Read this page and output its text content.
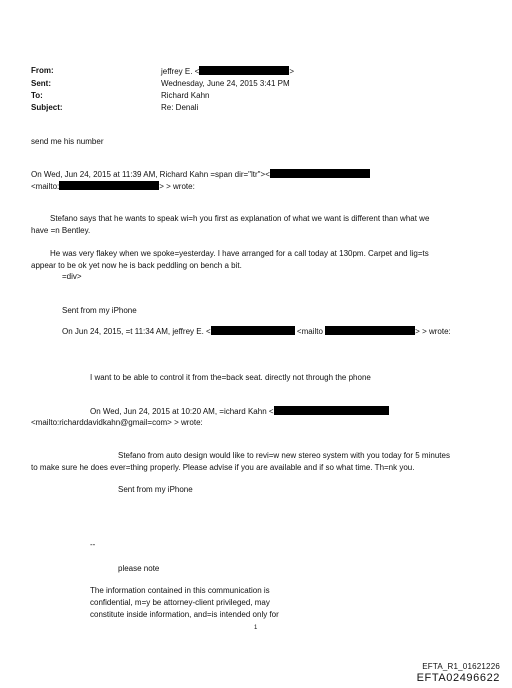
From:	jeffrey E. <	>
Sent:	Wednesday, June 24, 2015 3:41 PM
To:	Richard Kahn
Subject:	Re: Denali
send me his number
On Wed, Jun 24, 2015 at 11:39 AM, Richard Kahn =span dir="ltr"><
<mailto:	> > wrote:
Stefano says that he wants to speak wi=h you first as explanation of what we want is different than what we
have =n Bentley.
He was very flakey when we spoke=yesterday. I have arranged for a call today at 130pm. Carpet and lig=ts
appear to be ok yet now he is back peddling on bench a bit.
=div>
Sent from my iPhone
On Jun 24, 2015, =t 11:34 AM, jeffrey E. <	<mailto	> > wrote:
I want to be able to control it from the=back seat. directly not through the phone
On Wed, Jun 24, 2015 at 10:20 AM, =ichard Kahn <
<mailto:richarddavidkahn@gmail=com> > wrote:
Stefano from auto design would like to revi=w new stereo system with you today for 5 minutes
to make sure he does ever=thing properly. Please advise if you are available and if so what time. Th=nk you.
Sent from my iPhone
--
please note
The information contained in this communication is
confidential, m=y be attorney-client privileged, may
constitute inside information, and=is intended only for
1
EFTA_R1_01621226
EFTA02496622
